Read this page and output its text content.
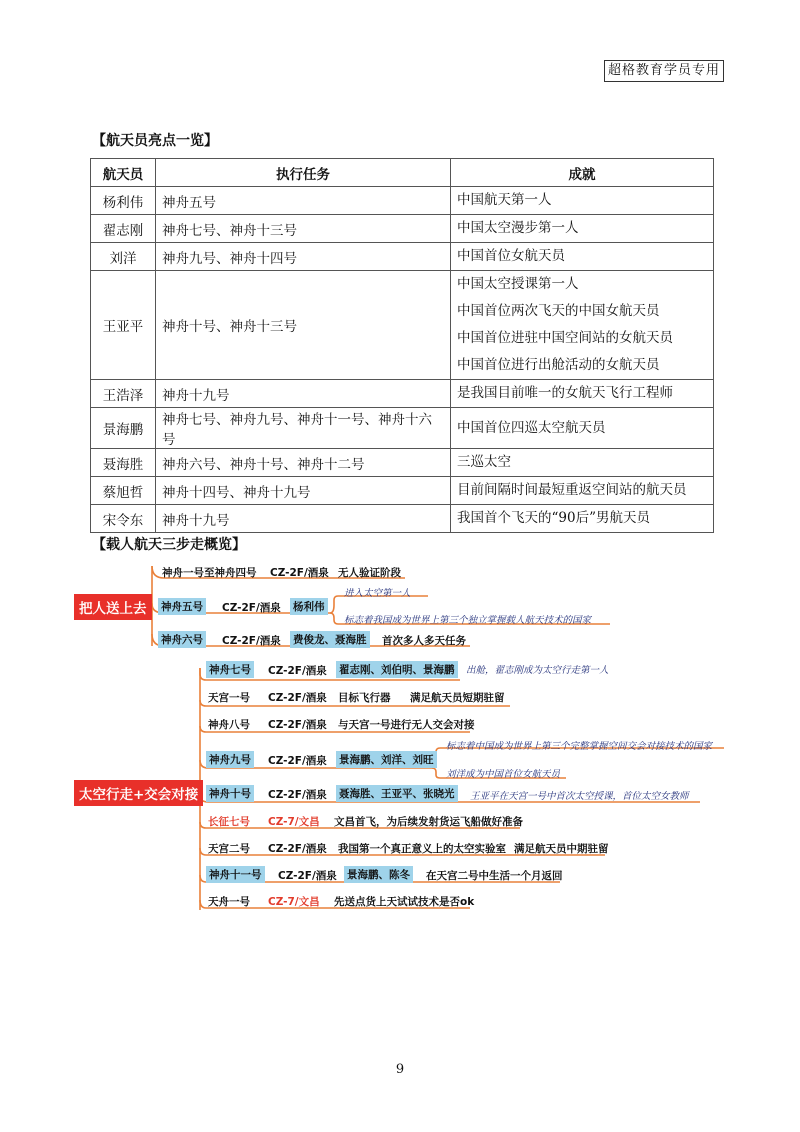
超格教育学员专用
【航天员亮点一览】
航天员	执行任务	成就
杨利伟	神舟五号	中国航天第一人

翟志刚	神舟七号、神舟十三号	中国太空漫步第一人

刘洋	神舟九号、神舟十四号	中国首位女航天员

王亚平	神舟十号、神舟十三号	中国太空授课第一人
中国首位两次飞天的中国女航天员
中国首位进驻中国空间站的女航天员
中国首位进行出舱活动的女航天员

王浩泽	神舟十九号	是我国目前唯一的女航天飞行工程师

景海鹏	神舟七号、神舟九号、神舟十一号、神舟十六号	中国首位四巡太空航天员

聂海胜	神舟六号、神舟十号、神舟十二号	三巡太空

蔡旭哲	神舟十四号、神舟十九号	目前间隔时间最短重返空间站的航天员

宋令东	神舟十九号	我国首个飞天的“90后”男航天员
【载人航天三步走概览】
把人送上去
太空行走+交会对接
神舟一号至神舟四号 CZ-2F/酒泉 无人验证阶段
神舟五号 CZ-2F/酒泉 杨利伟
进入太空第一人
标志着我国成为世界上第三个独立掌握载人航天技术的国家
神舟六号 CZ-2F/酒泉 费俊龙、聂海胜 首次多人多天任务
神舟七号 CZ-2F/酒泉 翟志刚、刘伯明、景海鹏	出舱，翟志刚成为太空行走第一人
天宫一号 CZ-2F/酒泉 目标飞行器 满足航天员短期驻留
神舟八号 CZ-2F/酒泉 与天宫一号进行无人交会对接
神舟九号 CZ-2F/酒泉 景海鹏、刘洋、刘旺
标志着中国成为世界上第三个完整掌握空间交会对接技术的国家
刘洋成为中国首位女航天员
神舟十号 CZ-2F/酒泉 聂海胜、王亚平、张晓光	王亚平在天宫一号中首次太空授课，首位太空女教师
长征七号 CZ-7/文昌 文昌首飞，为后续发射货运飞船做好准备
天宫二号 CZ-2F/酒泉 我国第一个真正意义上的太空实验室 满足航天员中期驻留
神舟十一号 CZ-2F/酒泉 景海鹏、陈冬 在天宫二号中生活一个月返回
天舟一号 CZ-7/文昌 先送点货上天试试技术是否ok
9
